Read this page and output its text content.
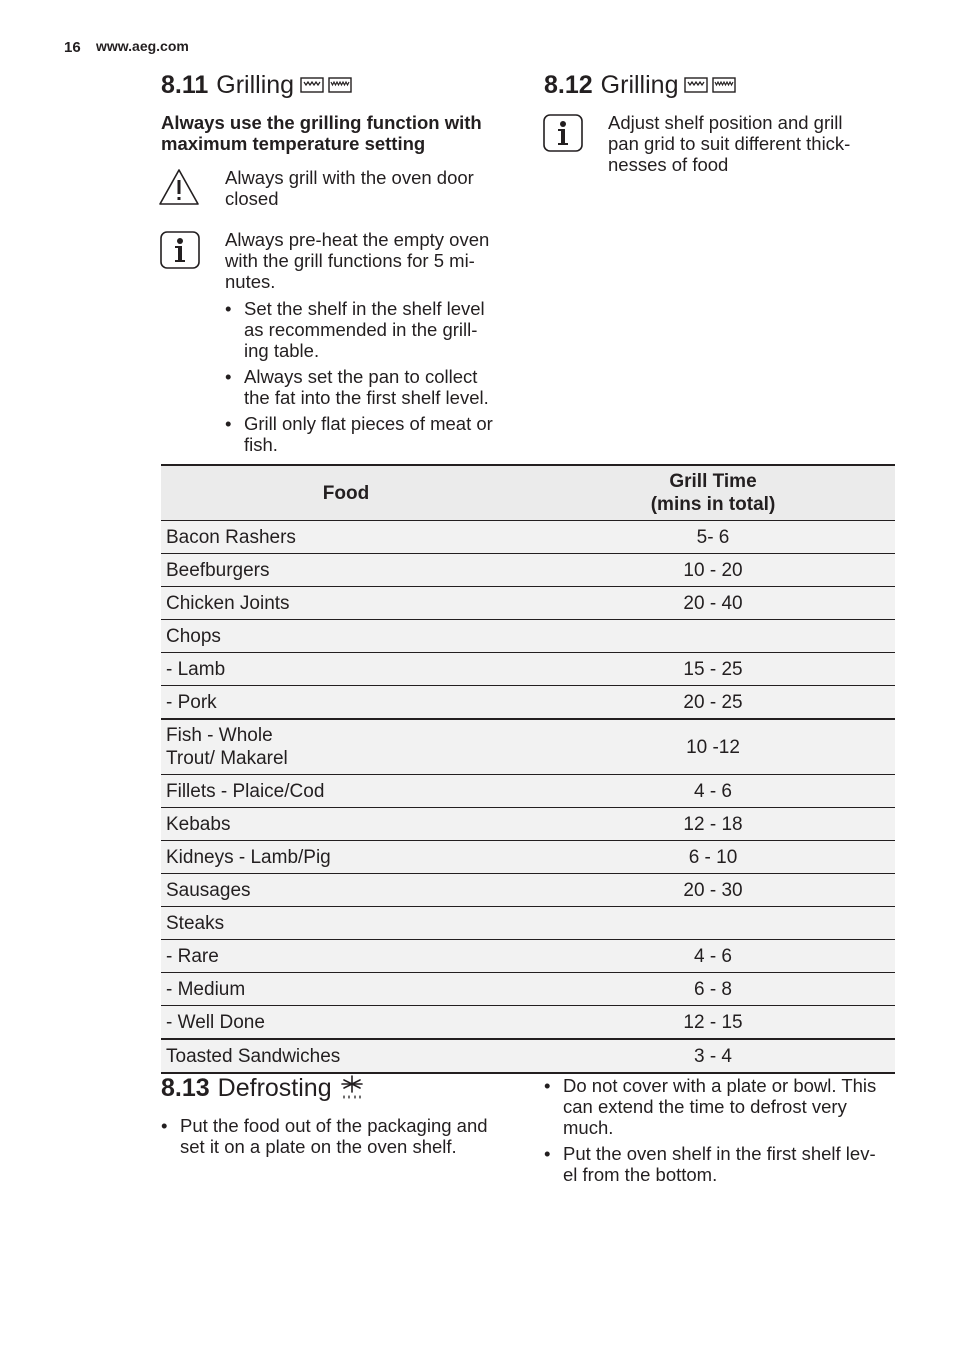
16 www.aeg.com
8.11 Grilling
Always use the grilling function with
maximum temperature setting
Always grill with the oven door
closed
Always pre-heat the empty oven
with the grill functions for 5 mi-
nutes.
• Set the shelf in the shelf level
as recommended in the grill-
ing table.
• Always set the pan to collect
the fat into the first shelf level.
• Grill only flat pieces of meat or
fish.
8.12 Grilling
Adjust shelf position and grill
pan grid to suit different thick-
nesses of food
Food	Grill Time
(mins in total)

Bacon Rashers	5- 6
Beefburgers	10 - 20
Chicken Joints	20 - 40
Chops	
- Lamb	15 - 25
- Pork	20 - 25

Fish - Whole
Trout/ Makarel	10 -12
Fillets - Plaice/Cod	4 - 6
Kebabs	12 - 18
Kidneys - Lamb/Pig	6 - 10
Sausages	20 - 30
Steaks	
- Rare	4 - 6
- Medium	6 - 8
- Well Done	12 - 15
Toasted Sandwiches	3 - 4
8.13 Defrosting
• Put the food out of the packaging and
set it on a plate on the oven shelf.
• Do not cover with a plate or bowl. This
can extend the time to defrost very
much.
• Put the oven shelf in the first shelf lev-
el from the bottom.
